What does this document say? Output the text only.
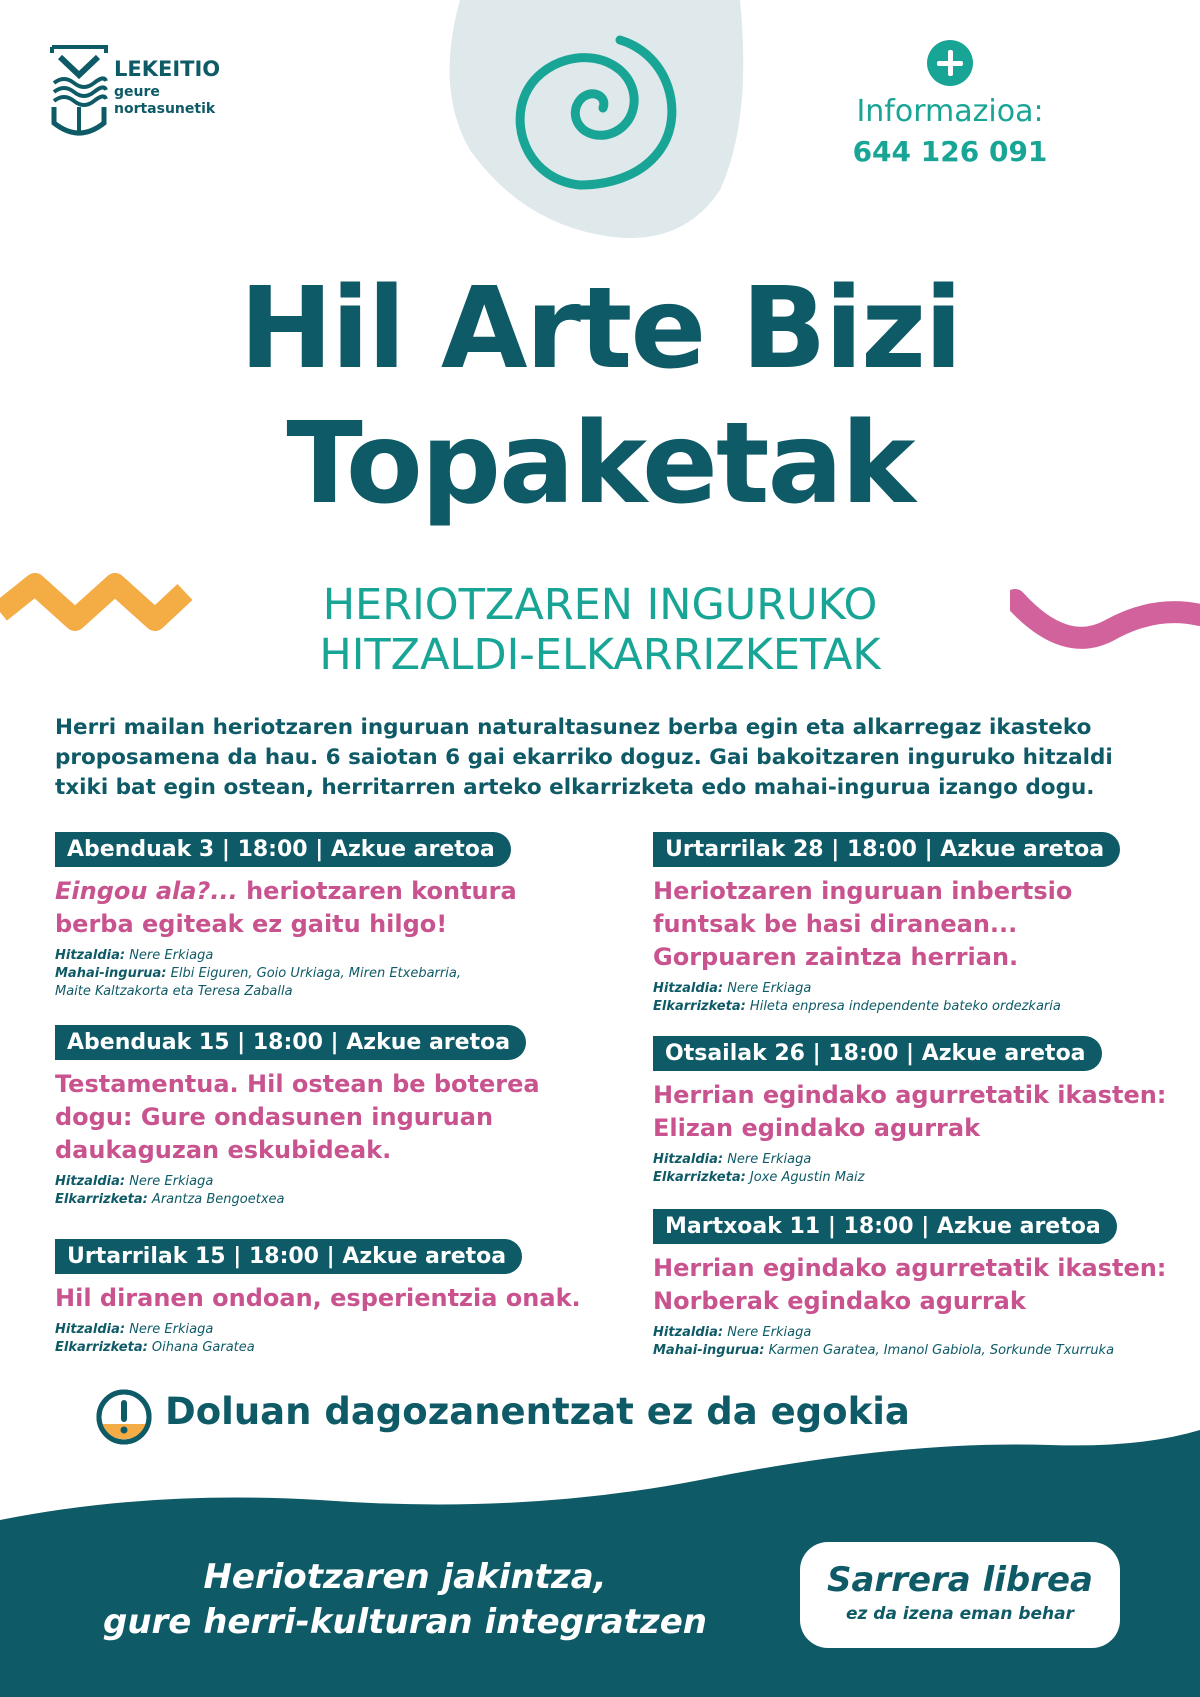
LEKEITIO
geure
nortasunetik	Informazioa:
644 126 091
Hil Arte Bizi
Topaketak
HERIOTZAREN INGURUKO
HITZALDI-ELKARRIZKETAK
Herri mailan heriotzaren inguruan naturaltasunez berba egin eta alkarregaz ikasteko
proposamena da hau. 6 saiotan 6 gai ekarriko doguz. Gai bakoitzaren inguruko hitzaldi
txiki bat egin ostean, herritarren arteko elkarrizketa edo mahai-ingurua izango dogu.
Abenduak 3 | 18:00 | Azkue aretoa
Eingou ala?... heriotzaren kontura
berba egiteak ez gaitu hilgo!
Hitzaldia: Nere Erkiaga
Mahai-ingurua: Elbi Eiguren, Goio Urkiaga, Miren Etxebarria,
Maite Kaltzakorta eta Teresa Zaballa
Abenduak 15 | 18:00 | Azkue aretoa
Testamentua. Hil ostean be boterea
dogu: Gure ondasunen inguruan
daukaguzan eskubideak.
Hitzaldia: Nere Erkiaga
Elkarrizketa: Arantza Bengoetxea
Urtarrilak 15 | 18:00 | Azkue aretoa
Hil diranen ondoan, esperientzia onak.
Hitzaldia: Nere Erkiaga
Elkarrizketa: Oihana Garatea
Urtarrilak 28 | 18:00 | Azkue aretoa
Heriotzaren inguruan inbertsio
funtsak be hasi diranean...
Gorpuaren zaintza herrian.
Hitzaldia: Nere Erkiaga
Elkarrizketa: Hileta enpresa independente bateko ordezkaria
Otsailak 26 | 18:00 | Azkue aretoa
Herrian egindako agurretatik ikasten:
Elizan egindako agurrak
Hitzaldia: Nere Erkiaga
Elkarrizketa: Joxe Agustin Maiz
Martxoak 11 | 18:00 | Azkue aretoa
Herrian egindako agurretatik ikasten:
Norberak egindako agurrak
Hitzaldia: Nere Erkiaga
Mahai-ingurua: Karmen Garatea, Imanol Gabiola, Sorkunde Txurruka
Doluan dagozanentzat ez da egokia
Heriotzaren jakintza,
gure herri-kulturan integratzen
Sarrera librea
ez da izena eman behar
